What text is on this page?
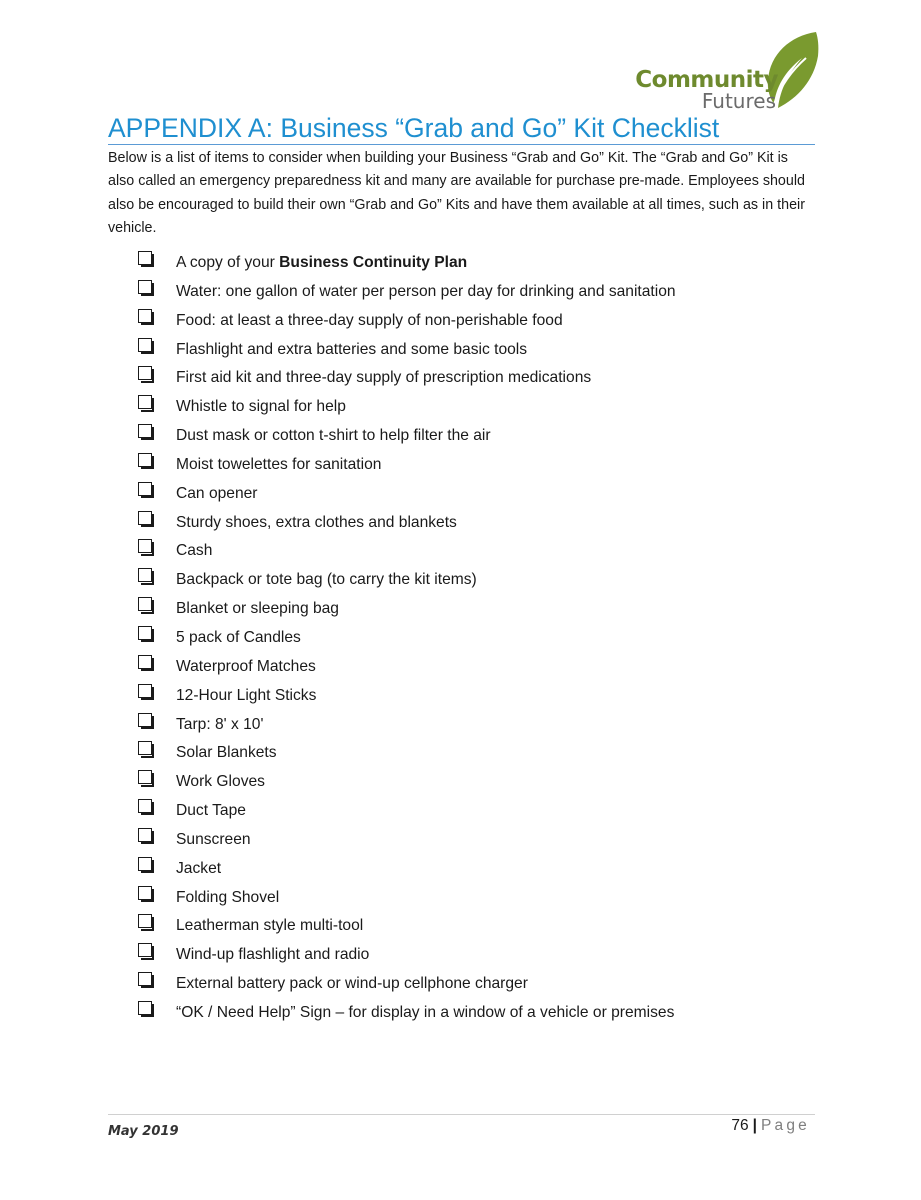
Community
Futures
APPENDIX A: Business “Grab and Go” Kit Checklist

Below is a list of items to consider when building your Business “Grab and Go” Kit. The “Grab and Go” Kit is also called an emergency preparedness kit and many are available for purchase pre-made. Employees should also be encouraged to build their own “Grab and Go” Kits and have them available at all times, such as in their vehicle.

A copy of your Business Continuity Plan
Water: one gallon of water per person per day for drinking and sanitation
Food: at least a three-day supply of non-perishable food
Flashlight and extra batteries and some basic tools
First aid kit and three-day supply of prescription medications
Whistle to signal for help
Dust mask or cotton t-shirt to help filter the air
Moist towelettes for sanitation
Can opener
Sturdy shoes, extra clothes and blankets
Cash
Backpack or tote bag (to carry the kit items)
Blanket or sleeping bag
5 pack of Candles
Waterproof Matches
12-Hour Light Sticks
Tarp: 8' x 10'
Solar Blankets
Work Gloves
Duct Tape
Sunscreen
Jacket
Folding Shovel
Leatherman style multi-tool
Wind-up flashlight and radio
External battery pack or wind-up cellphone charger
“OK / Need Help” Sign – for display in a window of a vehicle or premises
May 2019	76 | Page
